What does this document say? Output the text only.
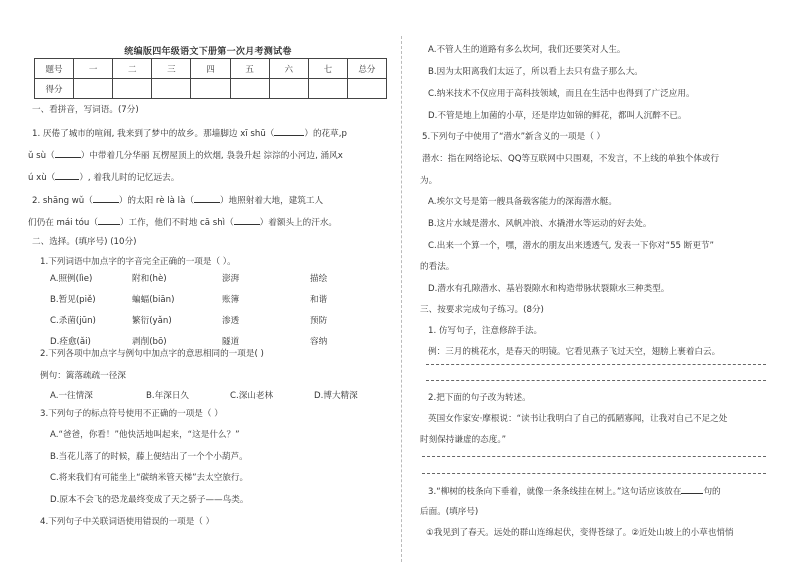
统编版四年级语文下册第一次月考测试卷
题号	一	二	三	四	五	六	七	总分
得分								
一、看拼音，写词语。(7分)
1. 厌倦了城市的喧闹, 我来到了梦中的故乡。那墙脚边 xī shū（	）的花草,p
ǔ sù（	）中带着几分华丽 瓦楞屋顶上的炊烟, 袅袅升起 淙淙的小河边, 涌风x
ú xù（	）, 着我儿时的记忆远去。
2. shāng wǔ（	）的太阳 rè là là（	）地照射着大地，建筑工人
们仍在 mái tóu（	）工作，他们不时地 cā shì（	）着额头上的汗水。
二、选择。(填序号) (10分)
1.下列词语中加点字的字音完全正确的一项是（ ）。
A.照例(lìe)	附和(hè)	澎湃	描绘
B.暂见(piě)	蝙蝠(biān)	账簿	和谐
C.杀菌(jūn)	繁衍(yǎn)	渗透	预防
D.痊愈(ǎi)	剥削(bō)	隧道	容纳
2.下列各项中加点字与例句中加点字的意思相同的一项是( )
例句：篱落疏疏一径深
A.一往情深	B.年深日久	C.深山老林	D.博大精深
3.下列句子的标点符号使用不正确的一项是（ ）
A.“爸爸，你看！”他快活地叫起来，“这是什么？”
B.当花儿落了的时候，藤上便结出了一个个小葫芦。
C.将来我们有可能坐上“碳纳米管天梯”去太空旅行。
D.原本不会飞的恐龙最终变成了天之骄子——鸟类。
4.下列句子中关联词语使用错误的一项是（ ）
A.不管人生的道路有多么坎坷，我们还要笑对人生。
B.因为太阳离我们太远了，所以看上去只有盘子那么大。
C.纳米技术不仅应用于高科技领域，而且在生活中也得到了广泛应用。
D.不管是地上加菌的小草，还是岸边如锦的鲜花，都叫人沉醉不已。
5.下列句子中使用了“潜水”新含义的一项是（ ）
潜水：指在网络论坛、QQ等互联网中只围观，不发言，不上线的单独个体或行
为。
A.埃尔文号是第一艘具备载客能力的深海潜水艇。
B.这片水域是潜水、风帆冲浪、水撬滑水等运动的好去处。
C.出来一个算一个，嘿，潜水的朋友出来透透气, 发表一下你对“55 断更节”
的看法。
D.潜水有孔隙潜水、基岩裂隙水和构造带脉状裂隙水三种类型。
三、按要求完成句子练习。(8分)
1. 仿写句子，注意修辞手法。
例：三月的桃花水，是春天的明镜。它看见燕子飞过天空，翅膀上裹着白云。
2.把下面的句子改为转述。
英国女作家安·摩根说：“读书让我明白了自己的孤陋寡闻，让我对自己不足之处
时刻保持谦虚的态度。”
3.“柳树的枝条向下垂着，就像一条条线挂在树上。”这句话应该放在	句的
后面。(填序号)
①我见到了春天。远处的群山连绵起伏，变得苍绿了。②近处山坡上的小草也悄悄
